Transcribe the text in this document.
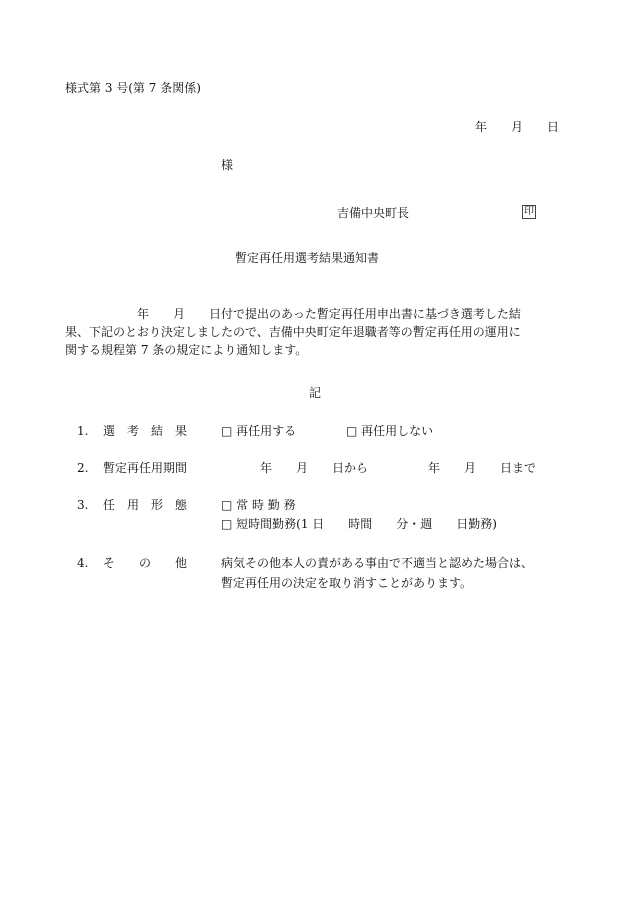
様式第 3 号(第 7 条関係)
年　　月　　日
様
吉備中央町長	印
暫定再任用選考結果通知書
　　　　　　年　　月　　日付で提出のあった暫定再任用申出書に基づき選考した結
果、下記のとおり決定しましたので、吉備中央町定年退職者等の暫定再任用の運用に
関する規程第 7 条の規定により通知します。
記
1. 選　考　結　果	□ 再任用する	□ 再任用しない
2. 暫定再任用期間	年　　月　　日から　　　　　年　　月　　日まで
3. 任　用　形　態	□ 常 時 勤 務
□ 短時間勤務(1 日　　時間　　分・週　　日勤務)
4. そ　　の　　他	病気その他本人の責がある事由で不適当と認めた場合は、
暫定再任用の決定を取り消すことがあります。
